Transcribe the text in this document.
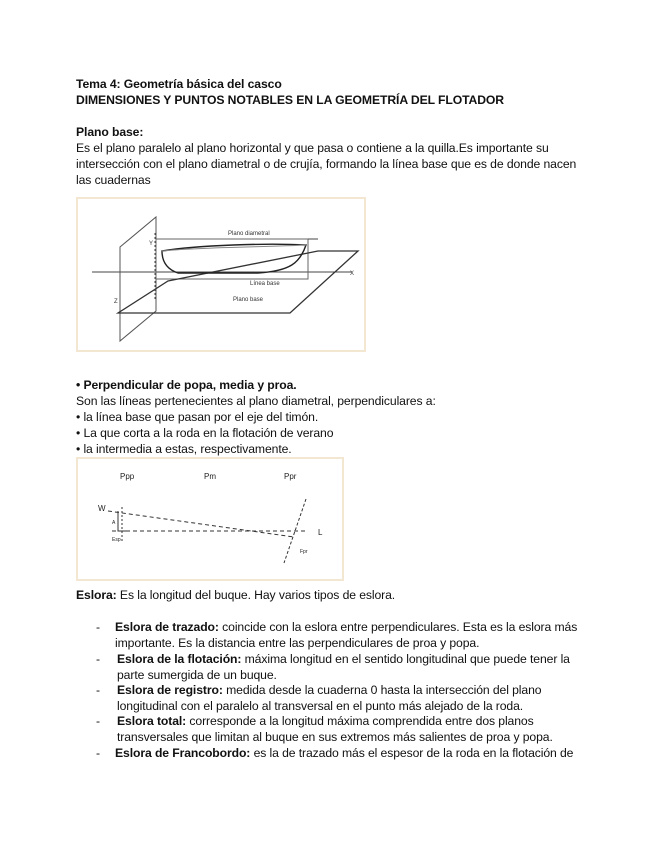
Tema 4: Geometría básica del casco
DIMENSIONES Y PUNTOS NOTABLES EN LA GEOMETRÍA DEL FLOTADOR
Plano base:
Es el plano paralelo al plano horizontal y que pasa o contiene a la quilla.Es importante su
intersección con el plano diametral o de crujía, formando la línea base que es de donde nacen
las cuadernas
Plano diametral
Línea base
Plano base
X
Y
Z
• Perpendicular de popa, media y proa.
Son las líneas pertenecientes al plano diametral, perpendiculares a:
• la línea base que pasan por el eje del timón.
• La que corta a la roda en la flotación de verano
• la intermedia a estas, respectivamente.
Ppp	Pm	Ppr
W
L
A
Esp
Fpr
Eslora: Es la longitud del buque. Hay varios tipos de eslora.
- Eslora de trazado: coincide con la eslora entre perpendiculares. Esta es la eslora más
importante. Es la distancia entre las perpendiculares de proa y popa.
- Eslora de la flotación: máxima longitud en el sentido longitudinal que puede tener la
parte sumergida de un buque.
- Eslora de registro: medida desde la cuaderna 0 hasta la intersección del plano
longitudinal con el paralelo al transversal en el punto más alejado de la roda.
- Eslora total: corresponde a la longitud máxima comprendida entre dos planos
transversales que limitan al buque en sus extremos más salientes de proa y popa.
- Eslora de Francobordo: es la de trazado más el espesor de la roda en la flotación de
